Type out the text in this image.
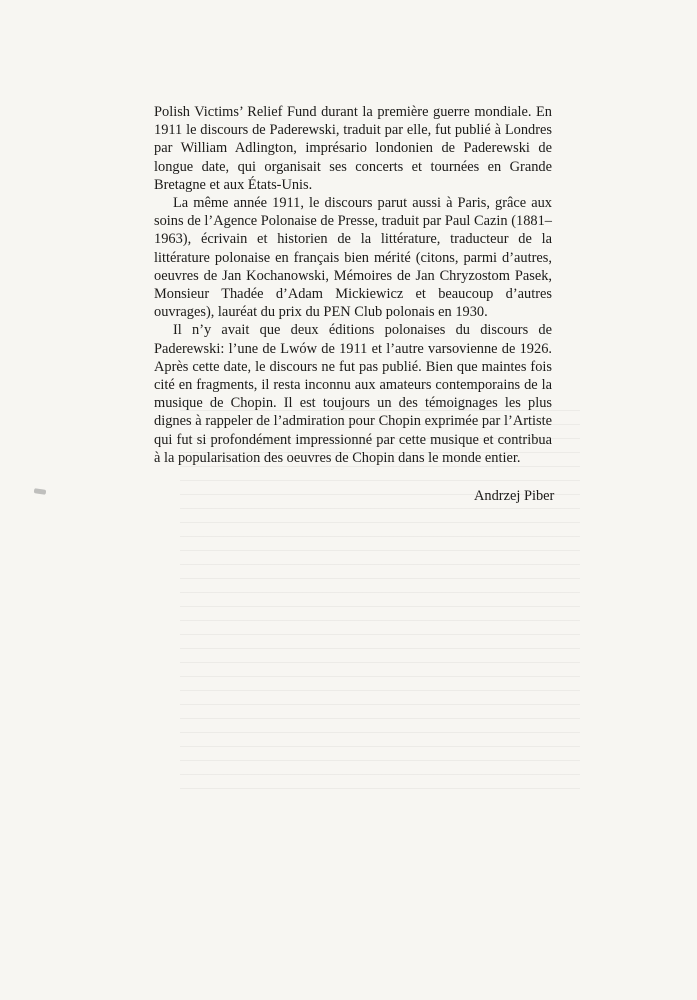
Polish Victims’ Relief Fund durant la première guerre mondiale. En 1911 le discours de Paderewski, traduit par elle, fut publié à Londres par William Adlington, imprésario londonien de Paderewski de longue date, qui organisait ses concerts et tournées en Grande Bretagne et aux États-Unis.

La même année 1911, le discours parut aussi à Paris, grâce aux soins de l’Agence Polonaise de Presse, traduit par Paul Cazin (1881–1963), écrivain et historien de la littérature, traducteur de la littérature polonaise en français bien mérité (citons, parmi d’autres, oeuvres de Jan Kochanowski, Mémoires de Jan Chryzostom Pasek, Monsieur Thadée d’Adam Mickiewicz et beaucoup d’autres ouvrages), lauréat du prix du PEN Club polonais en 1930.

Il n’y avait que deux éditions polonaises du discours de Paderewski: l’une de Lwów de 1911 et l’autre varsovienne de 1926. Après cette date, le discours ne fut pas publié. Bien que maintes fois cité en fragments, il resta inconnu aux amateurs contemporains de la musique de Chopin. Il est toujours un des témoignages les plus dignes à rappeler de l’admiration pour Chopin exprimée par l’Artiste qui fut si profondément impressionné par cette musique et contribua à la popularisation des oeuvres de Chopin dans le monde entier.

Andrzej Piber
